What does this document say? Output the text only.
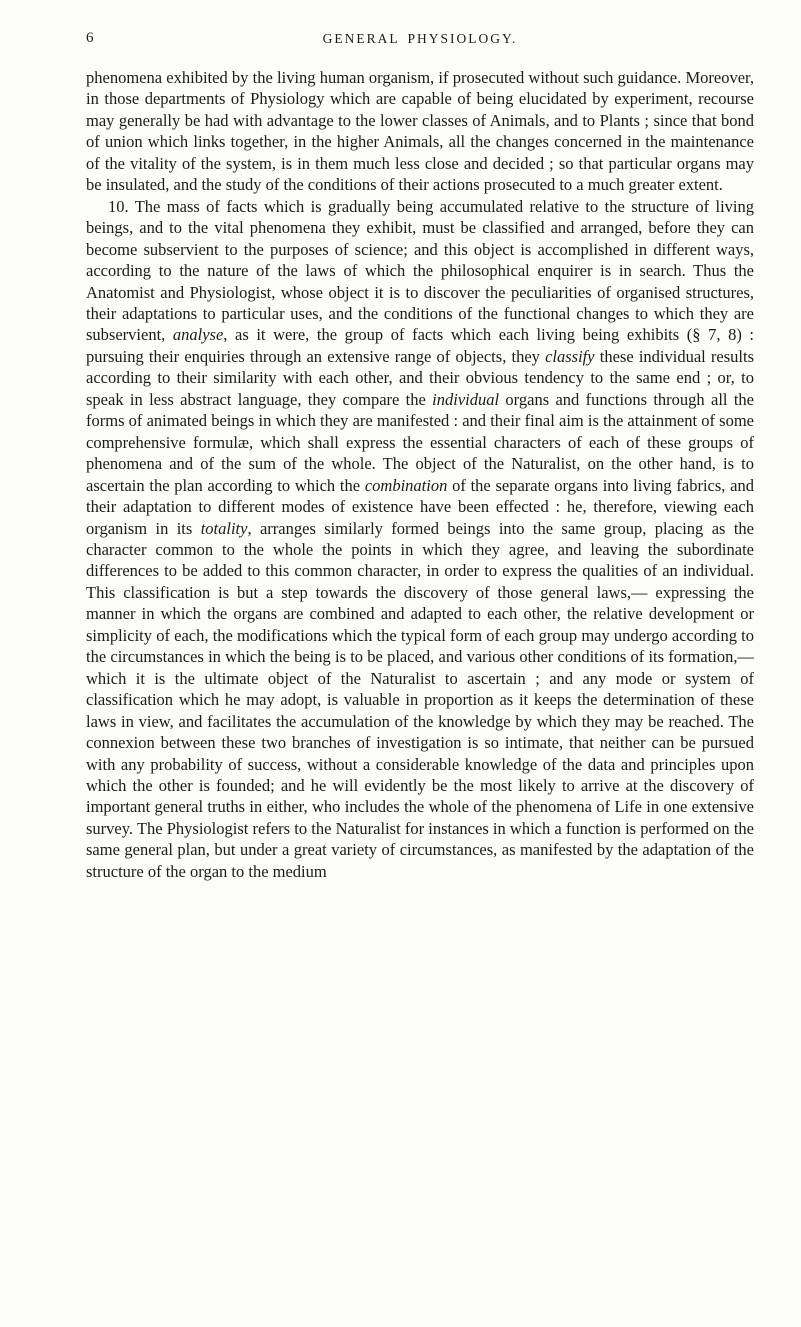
6	GENERAL PHYSIOLOGY.

phenomena exhibited by the living human organism, if prosecuted without such guidance. Moreover, in those departments of Physiology which are capable of being elucidated by experiment, recourse may generally be had with advantage to the lower classes of Animals, and to Plants ; since that bond of union which links together, in the higher Animals, all the changes concerned in the maintenance of the vitality of the system, is in them much less close and decided ; so that particular organs may be insulated, and the study of the conditions of their actions prosecuted to a much greater extent.

10. The mass of facts which is gradually being accumulated relative to the structure of living beings, and to the vital phenomena they exhibit, must be classified and arranged, before they can become subservient to the purposes of science; and this object is accomplished in different ways, according to the nature of the laws of which the philosophical enquirer is in search. Thus the Anatomist and Physiologist, whose object it is to discover the peculiarities of organised structures, their adaptations to particular uses, and the conditions of the functional changes to which they are subservient, analyse, as it were, the group of facts which each living being exhibits (§ 7, 8) : pursuing their enquiries through an extensive range of objects, they classify these individual results according to their similarity with each other, and their obvious tendency to the same end ; or, to speak in less abstract language, they compare the individual organs and functions through all the forms of animated beings in which they are manifested : and their final aim is the attainment of some comprehensive formulæ, which shall express the essential characters of each of these groups of phenomena and of the sum of the whole. The object of the Naturalist, on the other hand, is to ascertain the plan according to which the combination of the separate organs into living fabrics, and their adaptation to different modes of existence have been effected : he, therefore, viewing each organism in its totality, arranges similarly formed beings into the same group, placing as the character common to the whole the points in which they agree, and leaving the subordinate differences to be added to this common character, in order to express the qualities of an individual. This classification is but a step towards the discovery of those general laws,— expressing the manner in which the organs are combined and adapted to each other, the relative development or simplicity of each, the modifications which the typical form of each group may undergo according to the circumstances in which the being is to be placed, and various other conditions of its formation,—which it is the ultimate object of the Naturalist to ascertain ; and any mode or system of classification which he may adopt, is valuable in proportion as it keeps the determination of these laws in view, and facilitates the accumulation of the knowledge by which they may be reached. The connexion between these two branches of investigation is so intimate, that neither can be pursued with any probability of success, without a considerable knowledge of the data and principles upon which the other is founded; and he will evidently be the most likely to arrive at the discovery of important general truths in either, who includes the whole of the phenomena of Life in one extensive survey. The Physiologist refers to the Naturalist for instances in which a function is performed on the same general plan, but under a great variety of circumstances, as manifested by the adaptation of the structure of the organ to the medium
